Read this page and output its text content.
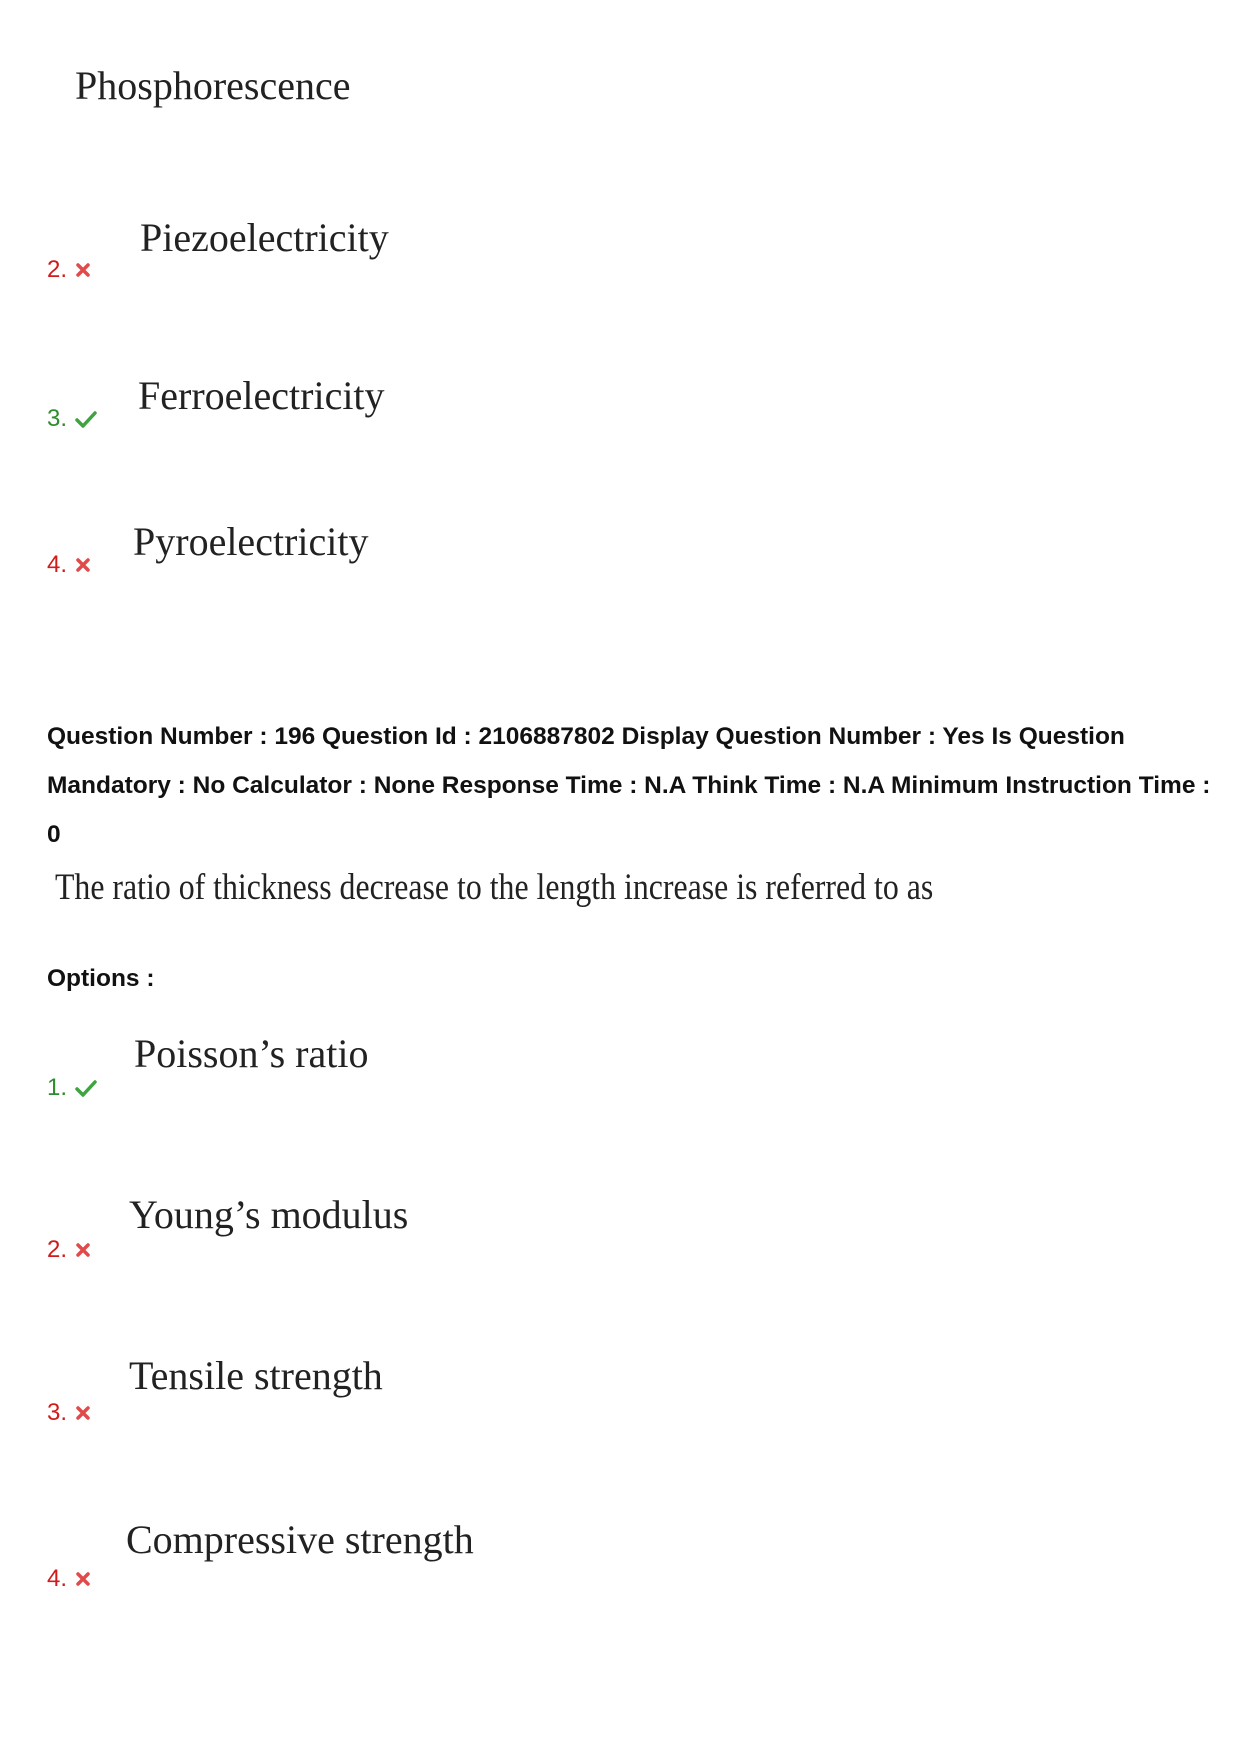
Phosphorescence
Piezoelectricity
2.
Ferroelectricity
3.
Pyroelectricity
4.
Question Number : 196 Question Id : 2106887802 Display Question Number : Yes Is Question Mandatory : No Calculator : None Response Time : N.A Think Time : N.A Minimum Instruction Time : 0
The ratio of thickness decrease to the length increase is referred to as
Options :
Poisson’s ratio
1.
Young’s modulus
2.
Tensile strength
3.
Compressive strength
4.
